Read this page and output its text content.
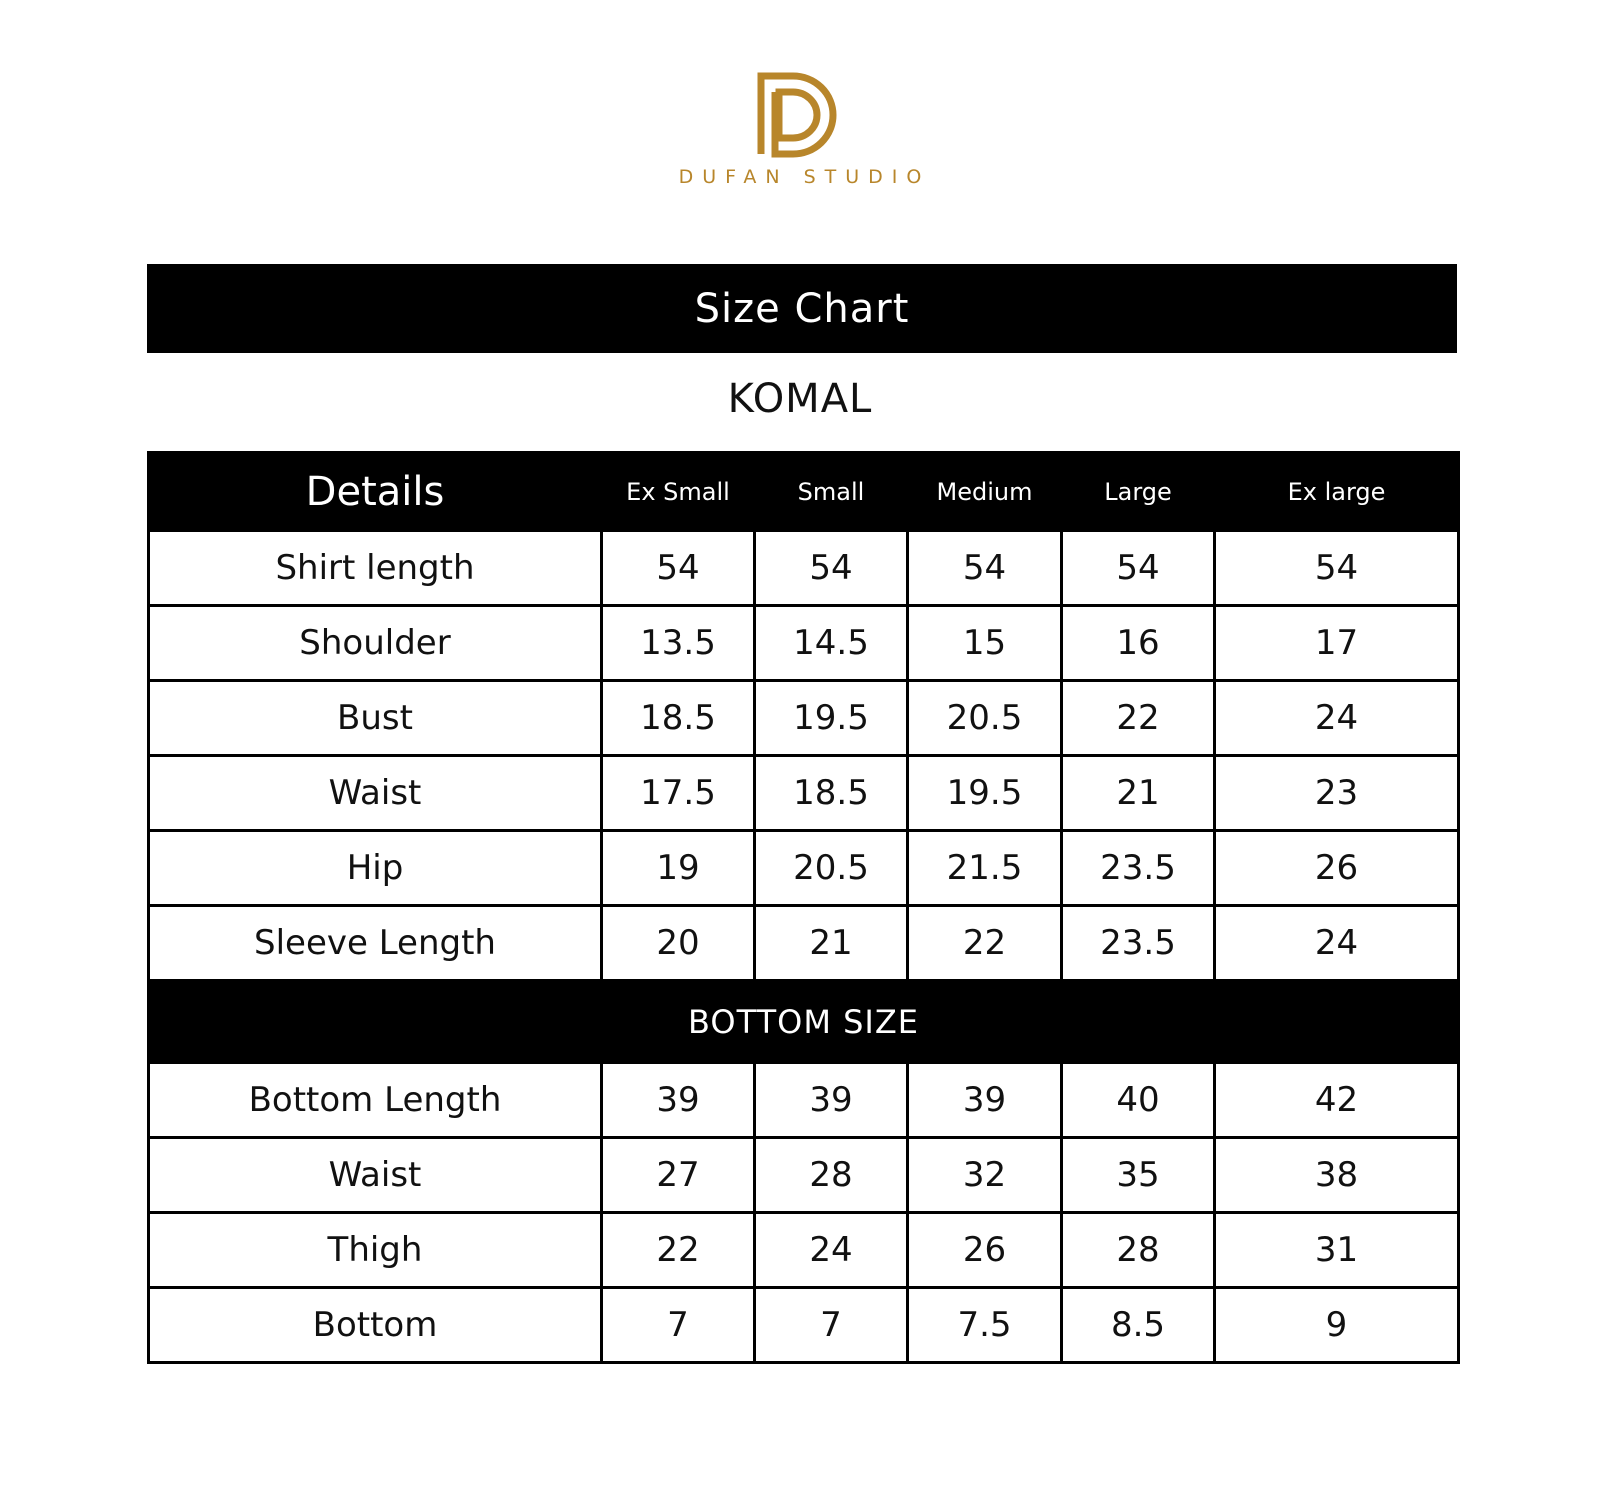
DUFAN STUDIO
Size Chart
KOMAL
Details	Ex Small	Small	Medium	Large	Ex large
Shirt length	54	54	54	54	54
Shoulder	13.5	14.5	15	16	17
Bust	18.5	19.5	20.5	22	24
Waist	17.5	18.5	19.5	21	23
Hip	19	20.5	21.5	23.5	26
Sleeve Length	20	21	22	23.5	24
BOTTOM SIZE					
Bottom Length	39	39	39	40	42
Waist	27	28	32	35	38
Thigh	22	24	26	28	31
Bottom	7	7	7.5	8.5	9
